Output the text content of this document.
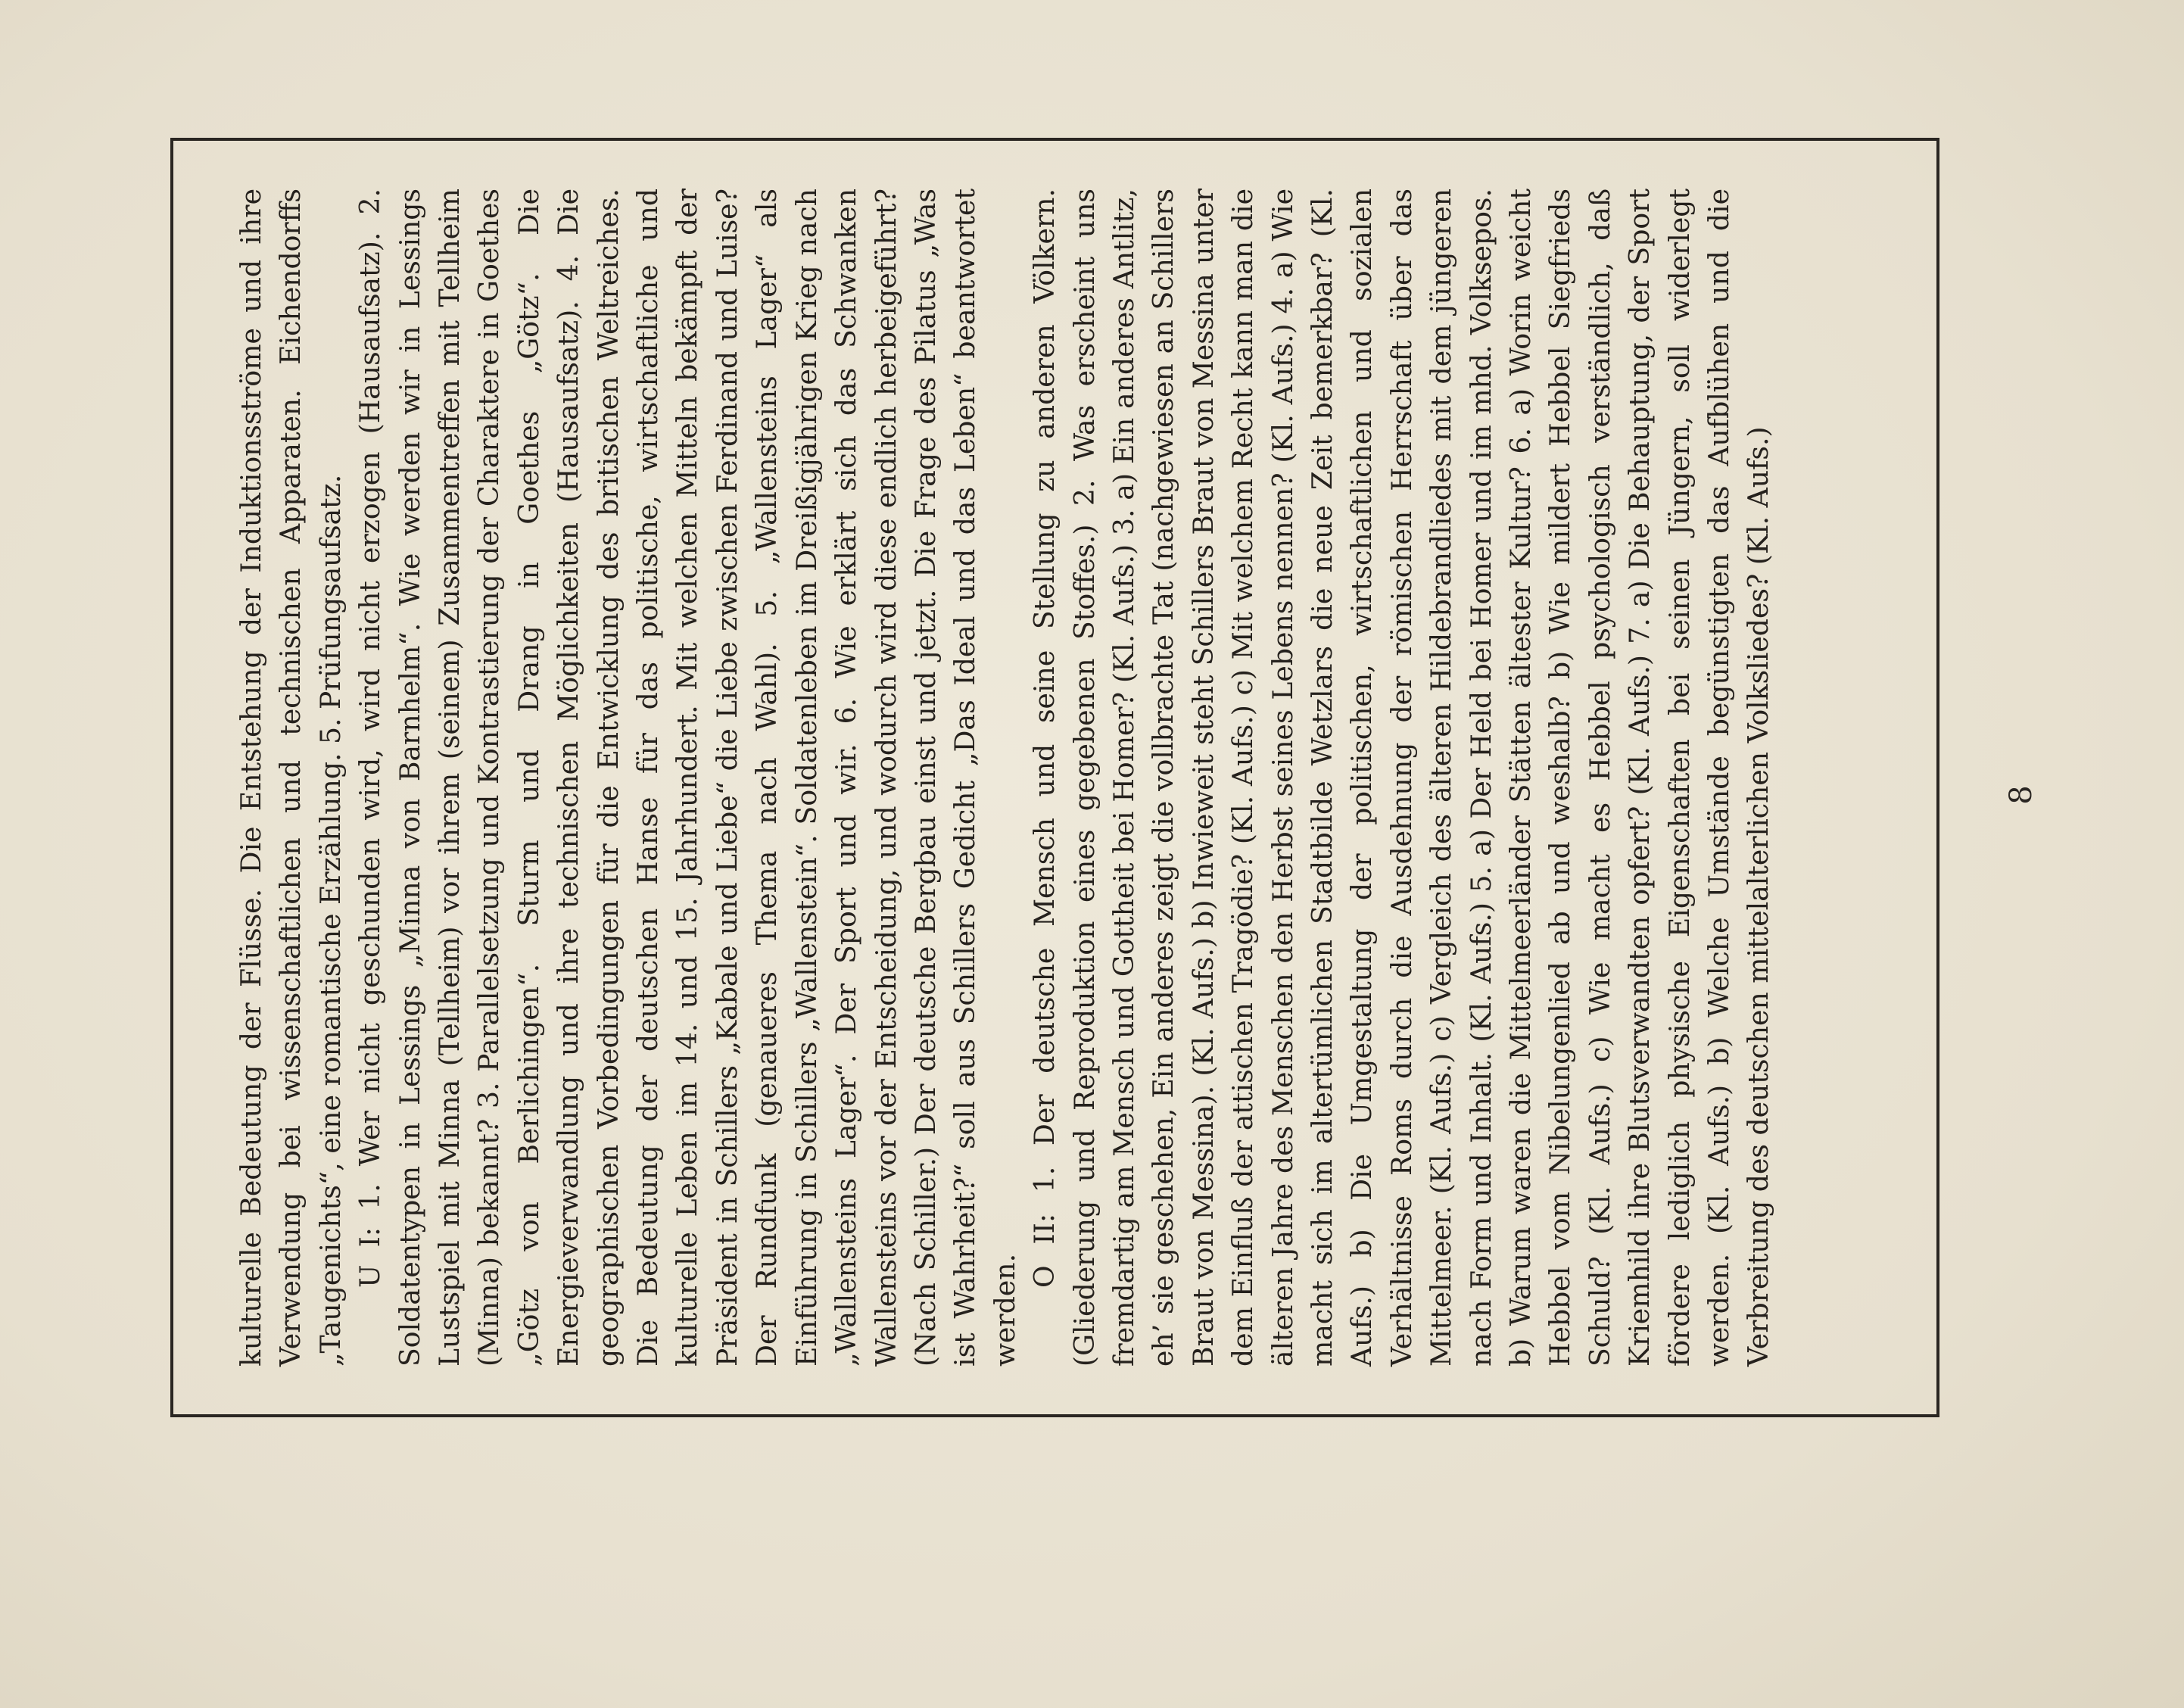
kulturelle Bedeutung der Flüsse. Die Entstehung der Induktionsströme und ihre Verwendung bei wissenschaftlichen und technischen Apparaten. Eichendorffs „Taugenichts“, eine romantische Erzählung. 5. Prüfungsaufsatz. U I: 1. Wer nicht geschunden wird, wird nicht erzogen (Hausaufsatz). 2. Soldatentypen in Lessings „Minna von Barnhelm“. Wie werden wir in Lessings Lustspiel mit Minna (Tellheim) vor ihrem (seinem) Zusammentreffen mit Tellheim (Minna) bekannt? 3. Parallelsetzung und Kontrastierung der Charaktere in Goethes „Götz von Berlichingen“. Sturm und Drang in Goethes „Götz“. Die Energieverwandlung und ihre technischen Möglichkeiten (Hausaufsatz). 4. Die geographischen Vorbedingungen für die Entwicklung des britischen Weltreiches. Die Bedeutung der deutschen Hanse für das politische, wirtschaftliche und kulturelle Leben im 14. und 15. Jahrhundert. Mit welchen Mitteln bekämpft der Präsident in Schillers „Kabale und Liebe“ die Liebe zwischen Ferdinand und Luise? Der Rundfunk (genaueres Thema nach Wahl). 5. „Wallensteins Lager“ als Einführung in Schillers „Wallenstein“. Soldatenleben im Dreißigjährigen Krieg nach „Wallensteins Lager“. Der Sport und wir. 6. Wie erklärt sich das Schwanken Wallensteins vor der Entscheidung, und wodurch wird diese endlich herbeigeführt? (Nach Schiller.) Der deutsche Bergbau einst und jetzt. Die Frage des Pilatus „Was ist Wahrheit?“ soll aus Schillers Gedicht „Das Ideal und das Leben“ beantwortet werden.

O II: 1. Der deutsche Mensch und seine Stellung zu anderen Völkern. (Gliederung und Reproduktion eines gegebenen Stoffes.) 2. Was erscheint uns fremdartig am Mensch und Gottheit bei Homer? (Kl. Aufs.) 3. a) Ein anderes Antlitz, eh’ sie geschehen, Ein anderes zeigt die vollbrachte Tat (nachgewiesen an Schillers Braut von Messina). (Kl. Aufs.) b) Inwieweit steht Schillers Braut von Messina unter dem Einfluß der attischen Tragödie? (Kl. Aufs.) c) Mit welchem Recht kann man die älteren Jahre des Menschen den Herbst seines Lebens nennen? (Kl. Aufs.) 4. a) Wie macht sich im altertümlichen Stadtbilde Wetzlars die neue Zeit bemerkbar? (Kl. Aufs.) b) Die Umgestaltung der politischen, wirtschaftlichen und sozialen Verhältnisse Roms durch die Ausdehnung der römischen Herrschaft über das Mittelmeer. (Kl. Aufs.) c) Vergleich des älteren Hildebrandliedes mit dem jüngeren nach Form und Inhalt. (Kl. Aufs.) 5. a) Der Held bei Homer und im mhd. Volksepos. b) Warum waren die Mittelmeerländer Stätten ältester Kultur? 6. a) Worin weicht Hebbel vom Nibelungenlied ab und weshalb? b) Wie mildert Hebbel Siegfrieds Schuld? (Kl. Aufs.) c) Wie macht es Hebbel psychologisch verständlich, daß Kriemhild ihre Blutsverwandten opfert? (Kl. Aufs.) 7. a) Die Behauptung, der Sport fördere lediglich physische Eigenschaften bei seinen Jüngern, soll widerlegt werden. (Kl. Aufs.) b) Welche Umstände begünstigten das Aufblühen und die Verbreitung des deutschen mittelalterlichen Volksliedes? (Kl. Aufs.)	8
